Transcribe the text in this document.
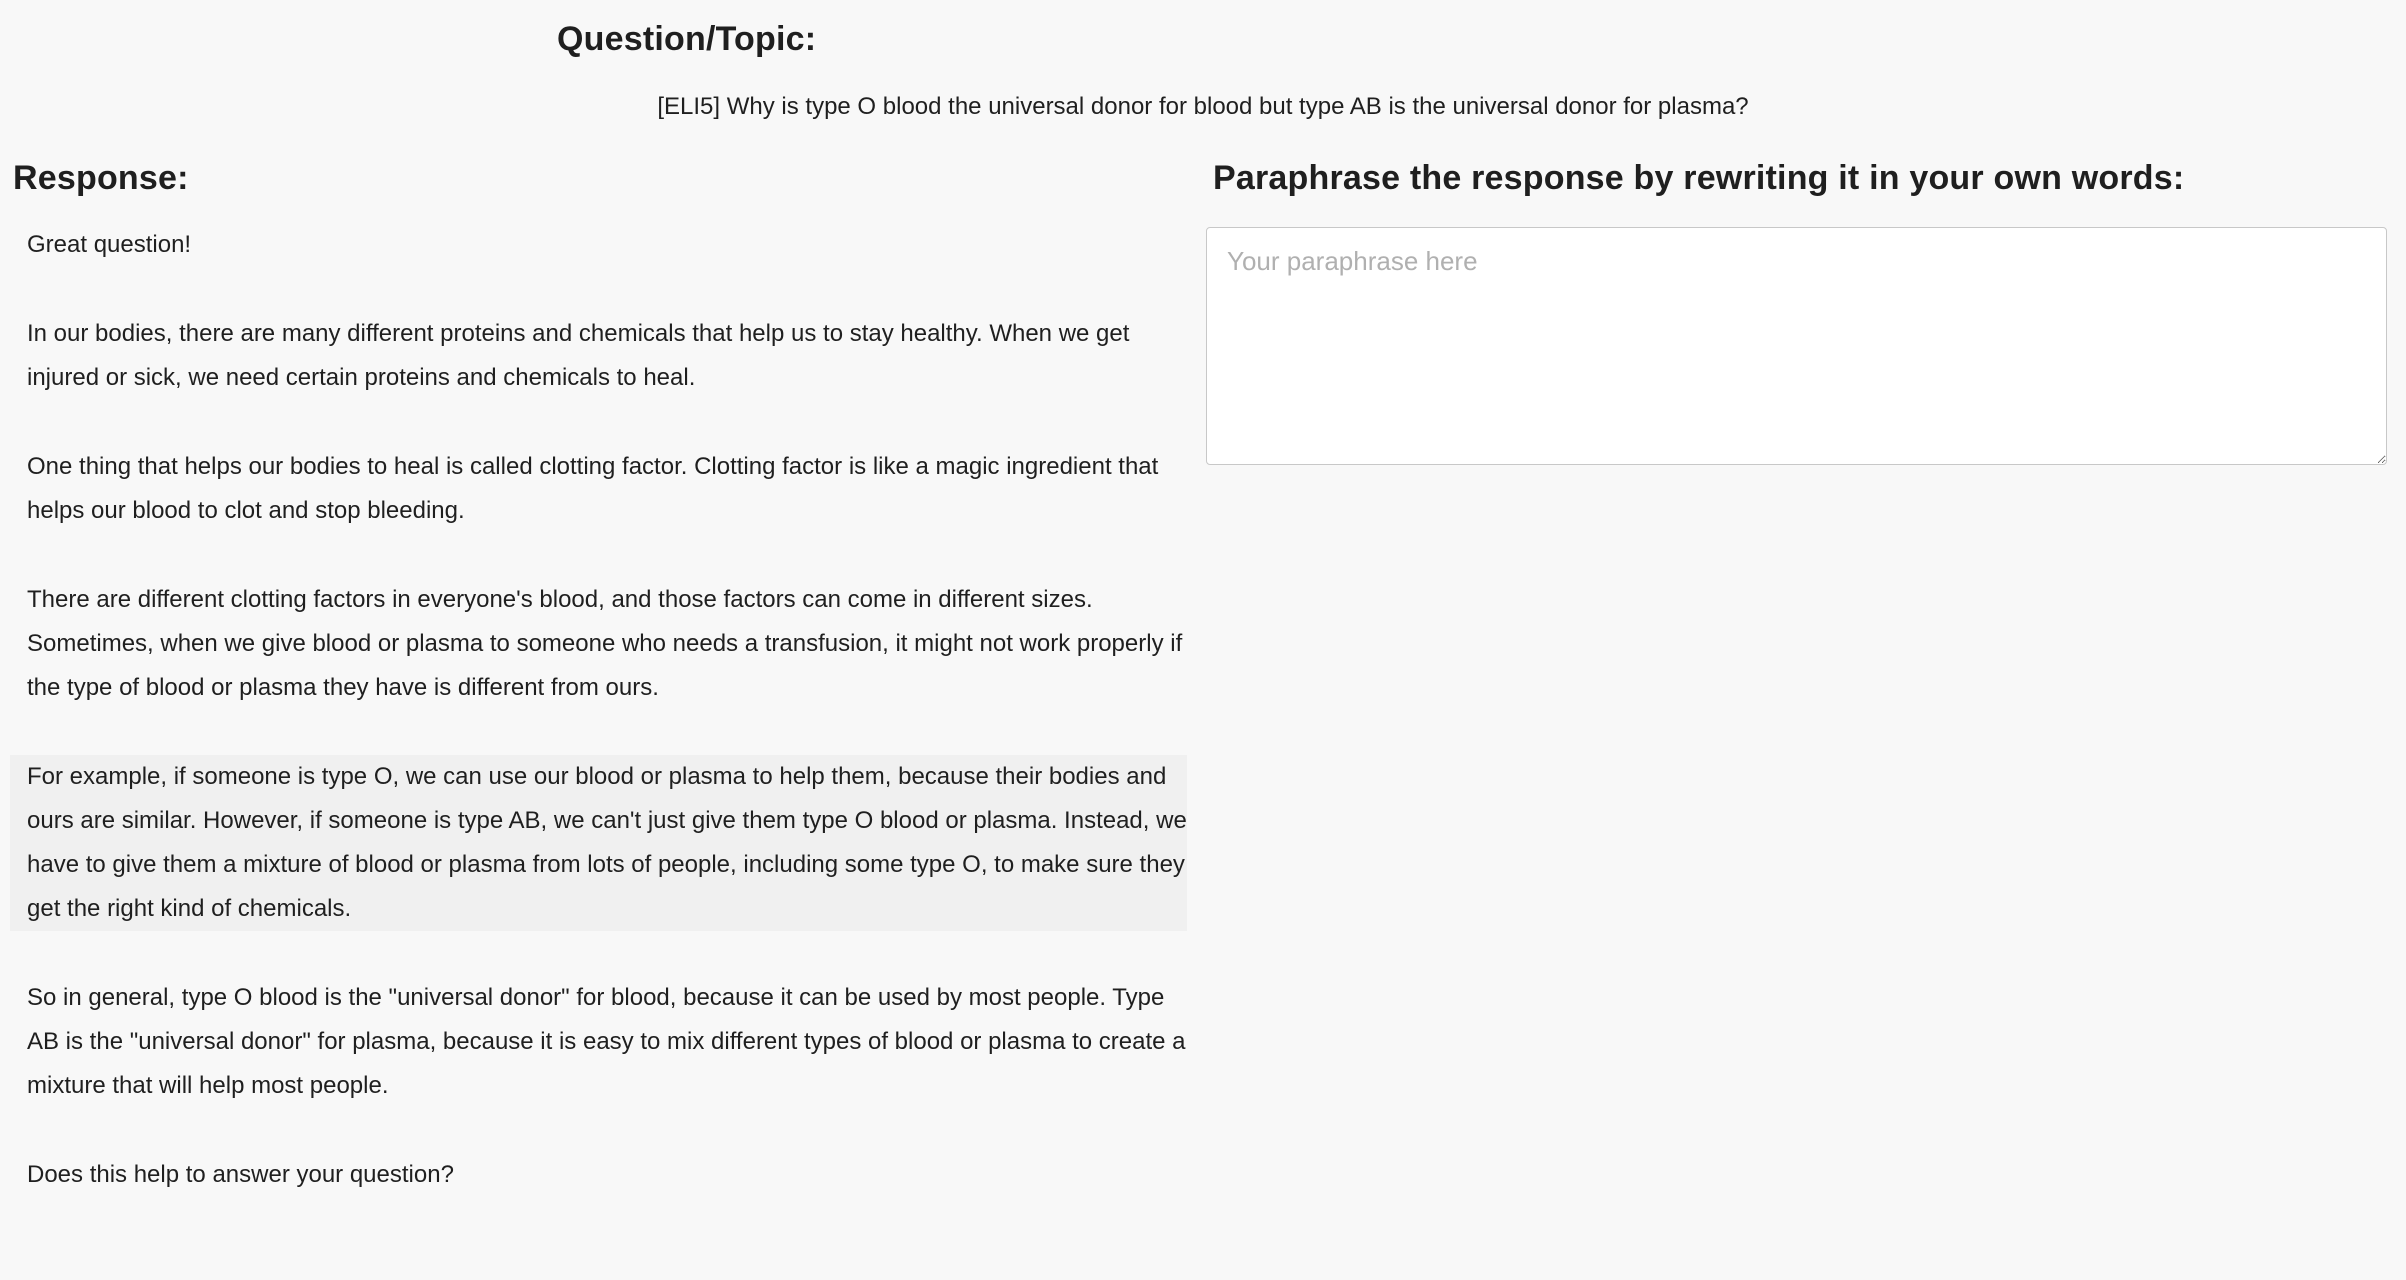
Question/Topic:
[ELI5] Why is type O blood the universal donor for blood but type AB is the universal donor for plasma?
Response:
Great question!
In our bodies, there are many different proteins and chemicals that help us to stay healthy. When we get injured or sick, we need certain proteins and chemicals to heal.
One thing that helps our bodies to heal is called clotting factor. Clotting factor is like a magic ingredient that helps our blood to clot and stop bleeding.
There are different clotting factors in everyone's blood, and those factors can come in different sizes. Sometimes, when we give blood or plasma to someone who needs a transfusion, it might not work properly if the type of blood or plasma they have is different from ours.
For example, if someone is type O, we can use our blood or plasma to help them, because their bodies and ours are similar. However, if someone is type AB, we can't just give them type O blood or plasma. Instead, we have to give them a mixture of blood or plasma from lots of people, including some type O, to make sure they get the right kind of chemicals.
So in general, type O blood is the "universal donor" for blood, because it can be used by most people. Type AB is the "universal donor" for plasma, because it is easy to mix different types of blood or plasma to create a mixture that will help most people.
Does this help to answer your question?
Paraphrase the response by rewriting it in your own words:
Your paraphrase here
